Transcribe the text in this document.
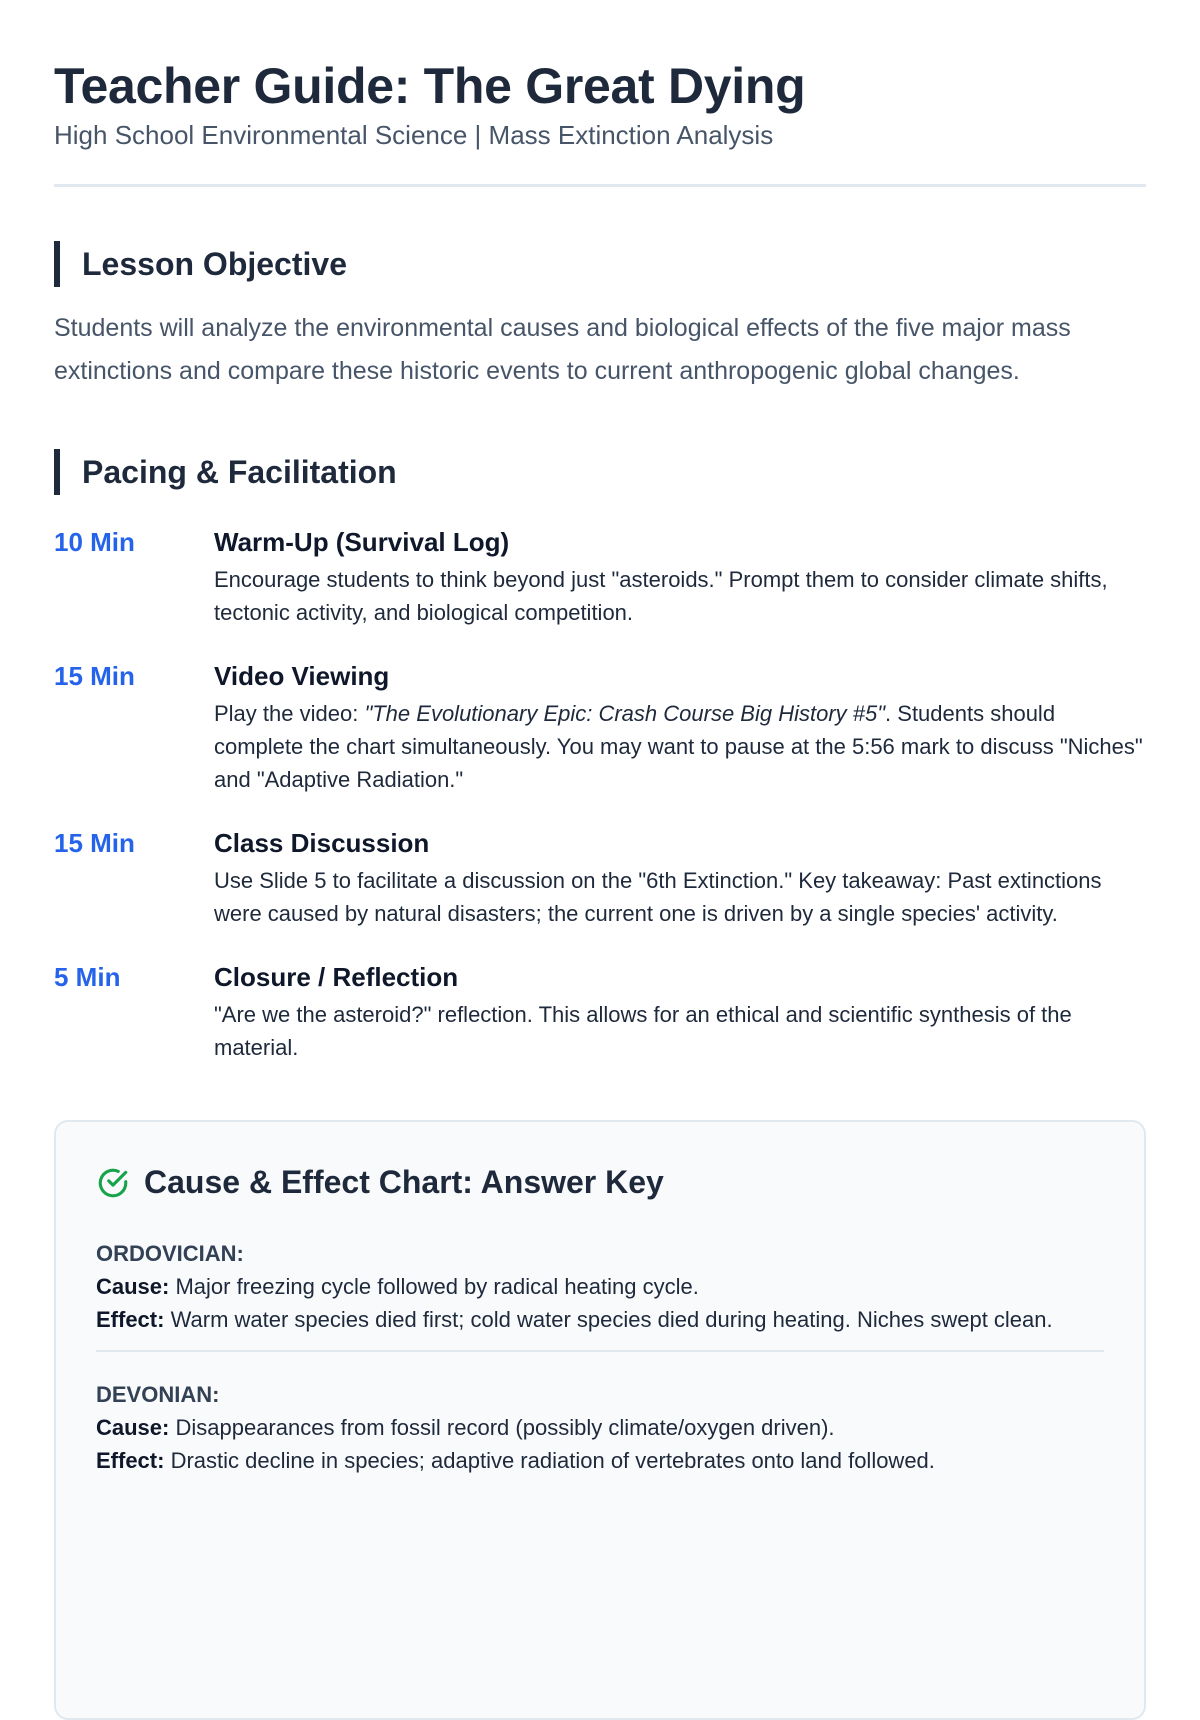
Teacher Guide: The Great Dying
High School Environmental Science | Mass Extinction Analysis
Lesson Objective

Students will analyze the environmental causes and biological effects of the five major mass extinctions and compare these historic events to current anthropogenic global changes.

Pacing & Facilitation
10 Min	Warm-Up (Survival Log)
Encourage students to think beyond just "asteroids." Prompt them to consider climate shifts, tectonic activity, and biological competition.
15 Min	Video Viewing
Play the video: "The Evolutionary Epic: Crash Course Big History #5". Students should complete the chart simultaneously. You may want to pause at the 5:56 mark to discuss "Niches" and "Adaptive Radiation."
15 Min	Class Discussion
Use Slide 5 to facilitate a discussion on the "6th Extinction." Key takeaway: Past extinctions were caused by natural disasters; the current one is driven by a single species' activity.
5 Min	Closure / Reflection
"Are we the asteroid?" reflection. This allows for an ethical and scientific synthesis of the material.
Cause & Effect Chart: Answer Key
ORDOVICIAN:
Cause: Major freezing cycle followed by radical heating cycle.
Effect: Warm water species died first; cold water species died during heating. Niches swept clean.
DEVONIAN:
Cause: Disappearances from fossil record (possibly climate/oxygen driven).
Effect: Drastic decline in species; adaptive radiation of vertebrates onto land followed.
